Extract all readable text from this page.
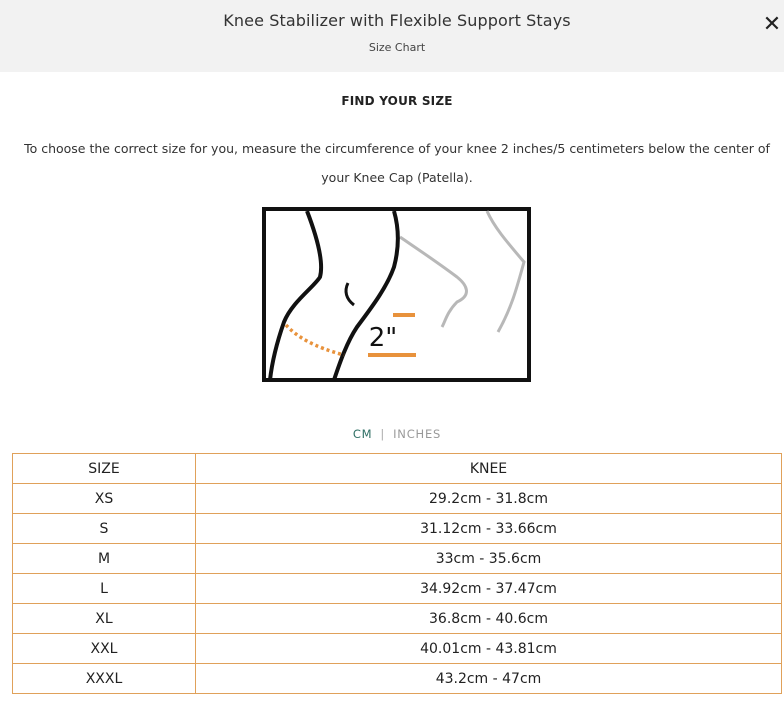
Knee Stabilizer with Flexible Support Stays
Size Chart
✕
FIND YOUR SIZE
To choose the correct size for you, measure the circumference of your knee 2 inches/5 centimeters below the center of your Knee Cap (Patella).
2"
CM | INCHES
SIZE	KNEE
XS	29.2cm - 31.8cm
S	31.12cm - 33.66cm
M	33cm - 35.6cm
L	34.92cm - 37.47cm
XL	36.8cm - 40.6cm
XXL	40.01cm - 43.81cm
XXXL	43.2cm - 47cm
